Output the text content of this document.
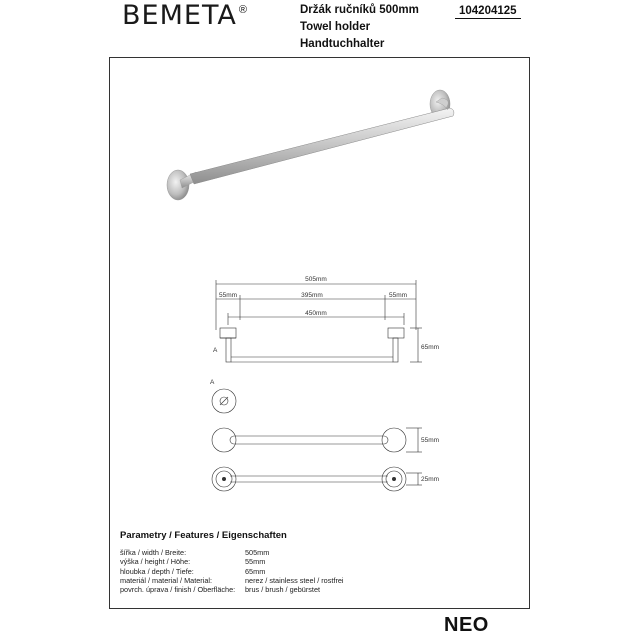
BEMETA ®	Držák ručníků 500mm
Towel holder
Handtuchhalter
104204125
505mm
55mm	395mm	55mm
450mm
65mm
A
A
55mm
25mm
Parametry / Features / Eigenschaften
šířka / width / Breite:	505mm
výška / height / Höhe:	55mm
hloubka / depth / Tiefe:	65mm
materiál / material / Material:	nerez / stainless steel / rostfrei
povrch. úprava / finish / Oberfläche:	brus / brush / gebürstet
NEO
